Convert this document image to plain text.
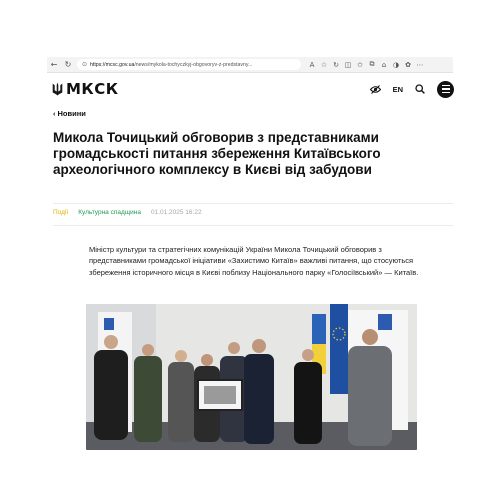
← ↻	⊙ https://mcsc.gov.ua /news/mykola-tochyczkyj-obgovoryv-z-predstavny...	A ☆ ↻ ◫ ✩ ⧉	⌂ ◑ ✿ ⋯
МКСК	EN
‹ Новини
Микола Точицький обговорив з представниками громадськості питання збереження Китаївського археологічного комплексу в Києві від забудови
Події Культурна спадщина 01.01.2025 16:22

Міністр культури та стратегічних комунікацій України Микола Точицький обговорив з представниками громадської ініціативи «Захистимо Китаїв» важливі питання, що стосуються збереження історичного місця в Києві поблизу Національного парку «Голосіївський» — Китаїв.
